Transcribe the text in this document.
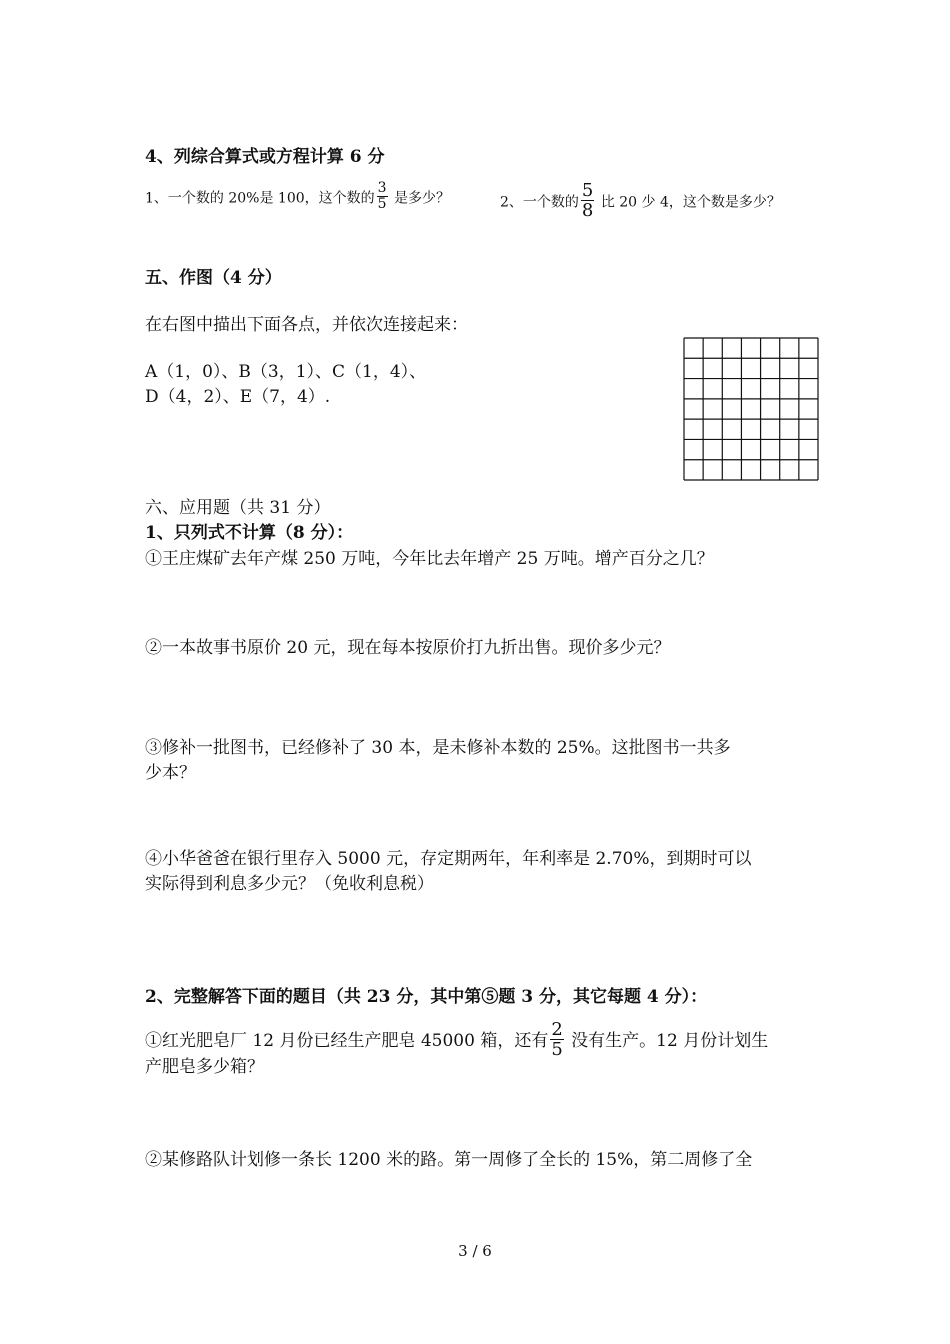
4、列综合算式或方程计算 6 分
1、一个数的 20%是 100，这个数的 $\frac{3}{5}$ 是多少？	2、一个数的 $\frac{5}{8}$ 比 20 少 4，这个数是多少？
五、作图（4 分）
在右图中描出下面各点，并依次连接起来：
A（1，0）、B（3，1）、C（1，4）、
D（4，2）、E（7，4）.
六、应用题（共 31 分）
1、只列式不计算（8 分）：
①王庄煤矿去年产煤 250 万吨，今年比去年增产 25 万吨。增产百分之几？
②一本故事书原价 20 元，现在每本按原价打九折出售。现价多少元？
③修补一批图书，已经修补了 30 本，是未修补本数的 25%。这批图书一共多
少本？
④小华爸爸在银行里存入 5000 元，存定期两年，年利率是 2.70%，到期时可以
实际得到利息多少元？（免收利息税）
2、完整解答下面的题目（共 23 分，其中第⑤题 3 分，其它每题 4 分）：
①红光肥皂厂 12 月份已经生产肥皂 45000 箱，还有 $\frac{2}{5}$ 没有生产。12 月份计划生
产肥皂多少箱？
②某修路队计划修一条长 1200 米的路。第一周修了全长的 15%，第二周修了全
3 / 6
